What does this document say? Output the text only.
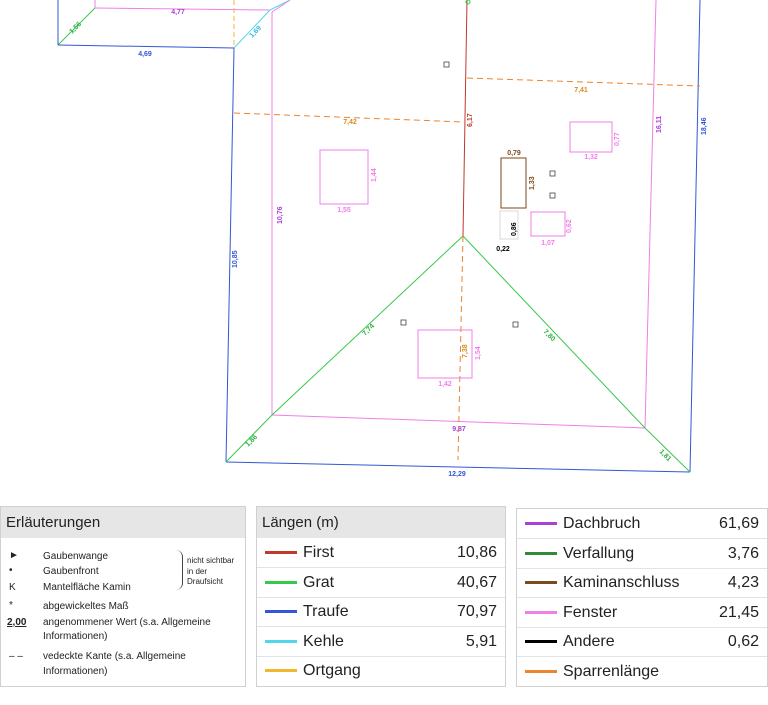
4,77
1,56
4,69
1,69
6,17
7,42
7,41
16,11	18,46
10,76
10,85
1,55
1,44
0,79
1,33
1,32
0,77
1,07
0,62
0,86
0,22
7,74	7,80
7,38 1,54
1,42
9,87
12,29
1,86
1,81
Erläuterungen
► Gaubenwange
•	Gaubenfront
K	Mantelfläche Kamin
nicht sichtbar
in der
Draufsicht
*	abgewickeltes Maß
2,00 angenommener Wert (s.a. Allgemeine
Informationen)
– – vedeckte Kante (s.a. Allgemeine
Informationen)
Längen (m)
First	10,86
Grat	40,67
Traufe	70,97
Kehle	5,91
Ortgang
Dachbruch	61,69
Verfallung	3,76
Kaminanschluss	4,23
Fenster	21,45
Andere	0,62
Sparrenlänge
